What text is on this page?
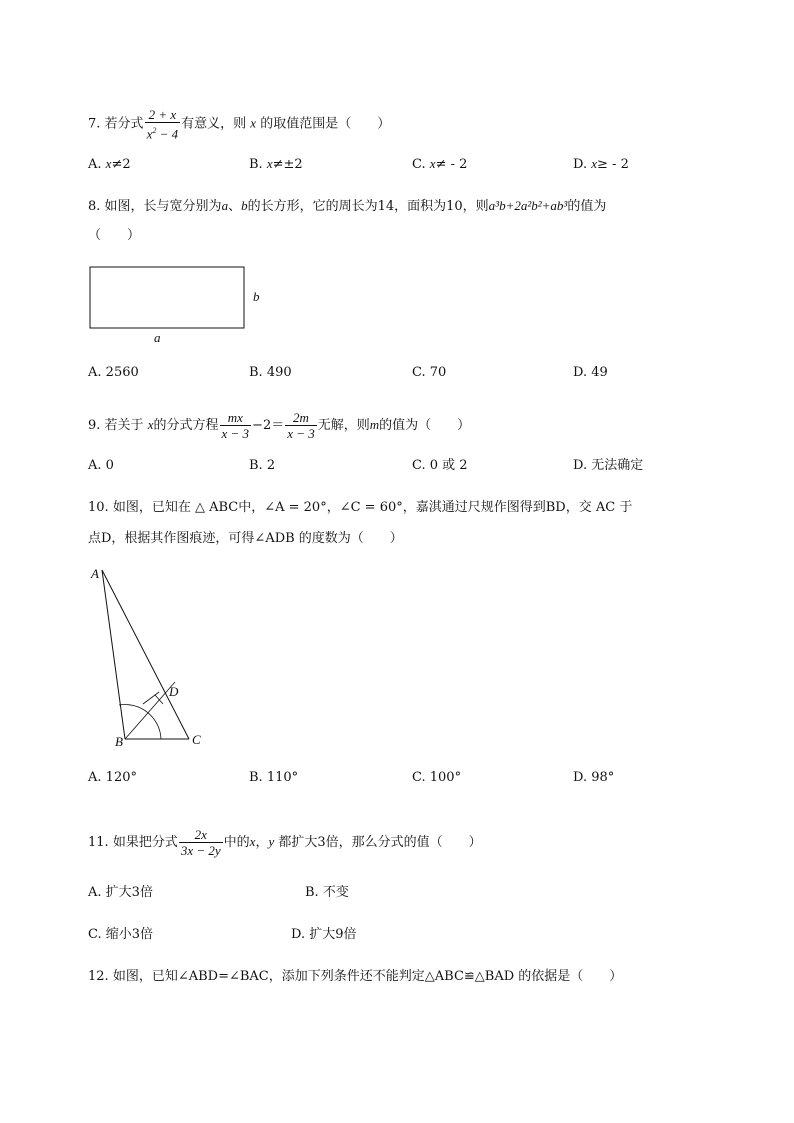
7. 若分式 $\frac{2 + x}{x^2 - 4}$ 有意义，则 x 的取值范围是（　　）
A. x≠2	B. x≠±2	C. x≠ - 2	D. x≥ - 2
8. 如图，长与宽分别为a、b的长方形，它的周长为14，面积为10，则a³b+2a²b²+ab³的值为
（　　）
b
a
A. 2560	B. 490	C. 70	D. 49
9. 若关于 x的分式方程 $\frac{mx}{x - 3} -2= \frac{2m}{x - 3}$ 无解，则m的值为（　　）
A. 0	B. 2	C. 0 或 2	D. 无法确定
10. 如图，已知在 △ ABC中，∠A = 20°，∠C = 60°，嘉淇通过尺规作图得到BD，交 AC 于
点D，根据其作图痕迹，可得∠ADB 的度数为（　　）
A
B	C
D
A. 120°	B. 110°	C. 100°	D. 98°
11. 如果把分式 $\frac{2x}{3x - 2y}$ 中的x，y 都扩大3倍，那么分式的值（　　）
A. 扩大3倍	B. 不变
C. 缩小3倍	D. 扩大9倍
12. 如图，已知∠ABD=∠BAC，添加下列条件还不能判定△ABC≌△BAD 的依据是（　　）
